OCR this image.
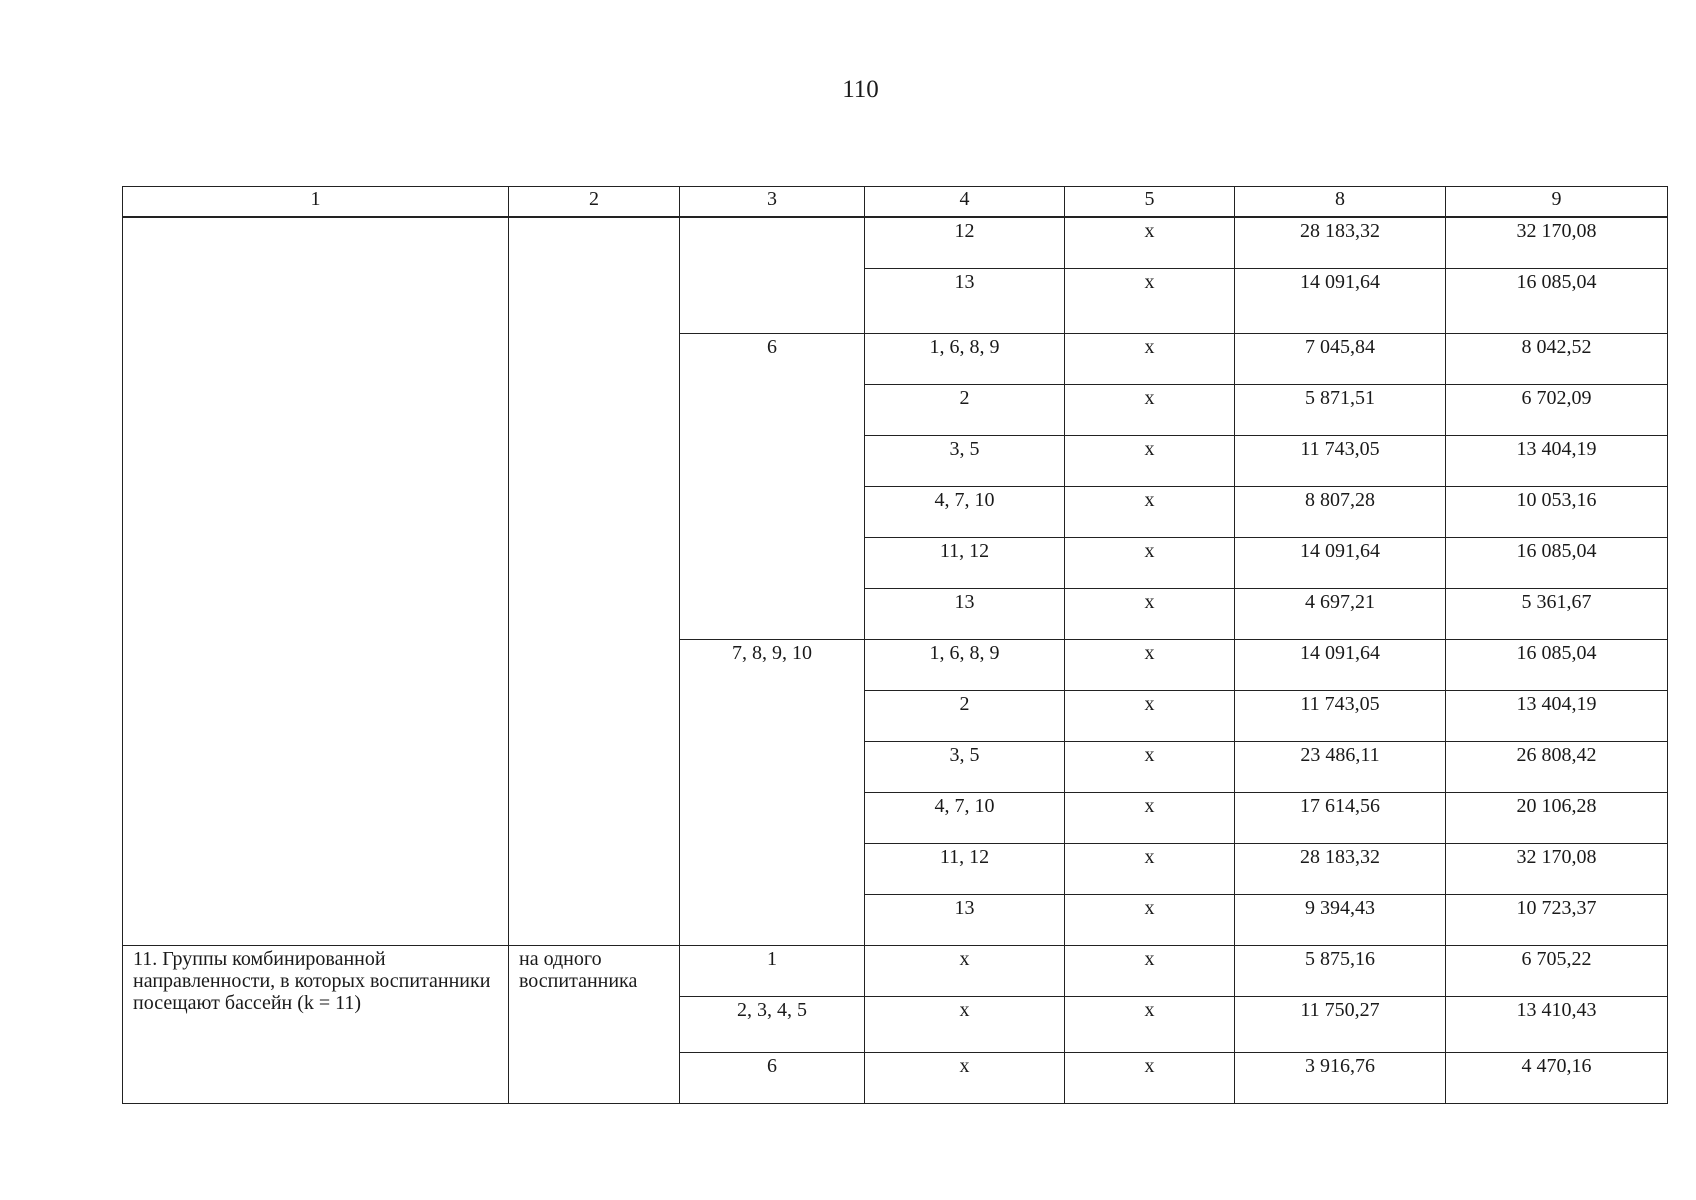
110
1	2	3	4	5	8	9
			12	x	28 183,32	32 170,08
			13	x	14 091,64	16 085,04
		6	1, 6, 8, 9	x	7 045,84	8 042,52
			2	x	5 871,51	6 702,09
			3, 5	x	11 743,05	13 404,19
			4, 7, 10	x	8 807,28	10 053,16
			11, 12	x	14 091,64	16 085,04
			13	x	4 697,21	5 361,67
		7, 8, 9, 10	1, 6, 8, 9	x	14 091,64	16 085,04
			2	x	11 743,05	13 404,19
			3, 5	x	23 486,11	26 808,42
			4, 7, 10	x	17 614,56	20 106,28
			11, 12	x	28 183,32	32 170,08
			13	x	9 394,43	10 723,37
11. Группы комбинированной направленности, в которых воспитанники посещают бассейн (k = 11)	на одного воспитанника	1	x	x	5 875,16	6 705,22
		2, 3, 4, 5	x	x	11 750,27	13 410,43
		6	x	x	3 916,76	4 470,16
